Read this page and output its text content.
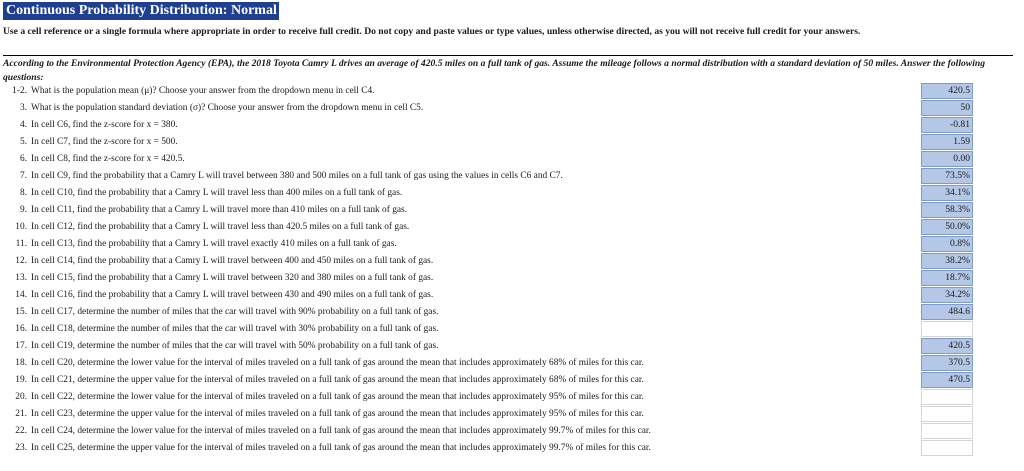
Continuous Probability Distribution: Normal
Use a cell reference or a single formula where appropriate in order to receive full credit. Do not copy and paste values or type values, unless otherwise directed, as you will not receive full credit for your answers.
According to the Environmental Protection Agency (EPA), the 2018 Toyota Camry L drives an average of 420.5 miles on a full tank of gas. Assume the mileage follows a normal distribution with a standard deviation of 50 miles. Answer the following questions:
1-2. What is the population mean (μ)? Choose your answer from the dropdown menu in cell C4.	420.5
3. What is the population standard deviation (σ)? Choose your answer from the dropdown menu in cell C5.	50
4. In cell C6, find the z-score for x = 380.	-0.81
5. In cell C7, find the z-score for x = 500.	1.59
6. In cell C8, find the z-score for x = 420.5.	0.00
7. In cell C9, find the probability that a Camry L will travel between 380 and 500 miles on a full tank of gas using the values in cells C6 and C7.	73.5%
8. In cell C10, find the probability that a Camry L will travel less than 400 miles on a full tank of gas.	34.1%
9. In cell C11, find the probability that a Camry L will travel more than 410 miles on a full tank of gas.	58.3%
10. In cell C12, find the probability that a Camry L will travel less than 420.5 miles on a full tank of gas.	50.0%
11. In cell C13, find the probability that a Camry L will travel exactly 410 miles on a full tank of gas.	0.8%
12. In cell C14, find the probability that a Camry L will travel between 400 and 450 miles on a full tank of gas.	38.2%
13. In cell C15, find the probability that a Camry L will travel between 320 and 380 miles on a full tank of gas.	18.7%
14. In cell C16, find the probability that a Camry L will travel between 430 and 490 miles on a full tank of gas.	34.2%
15. In cell C17, determine the number of miles that the car will travel with 90% probability on a full tank of gas.	484.6
16. In cell C18, determine the number of miles that the car will travel with 30% probability on a full tank of gas.
17. In cell C19, determine the number of miles that the car will travel with 50% probability on a full tank of gas.	420.5
18. In cell C20, determine the lower value for the interval of miles traveled on a full tank of gas around the mean that includes approximately 68% of miles for this car.	370.5
19. In cell C21, determine the upper value for the interval of miles traveled on a full tank of gas around the mean that includes approximately 68% of miles for this car.	470.5
20. In cell C22, determine the lower value for the interval of miles traveled on a full tank of gas around the mean that includes approximately 95% of miles for this car.
21. In cell C23, determine the upper value for the interval of miles traveled on a full tank of gas around the mean that includes approximately 95% of miles for this car.
22. In cell C24, determine the lower value for the interval of miles traveled on a full tank of gas around the mean that includes approximately 99.7% of miles for this car.
23. In cell C25, determine the upper value for the interval of miles traveled on a full tank of gas around the mean that includes approximately 99.7% of miles for this car.
